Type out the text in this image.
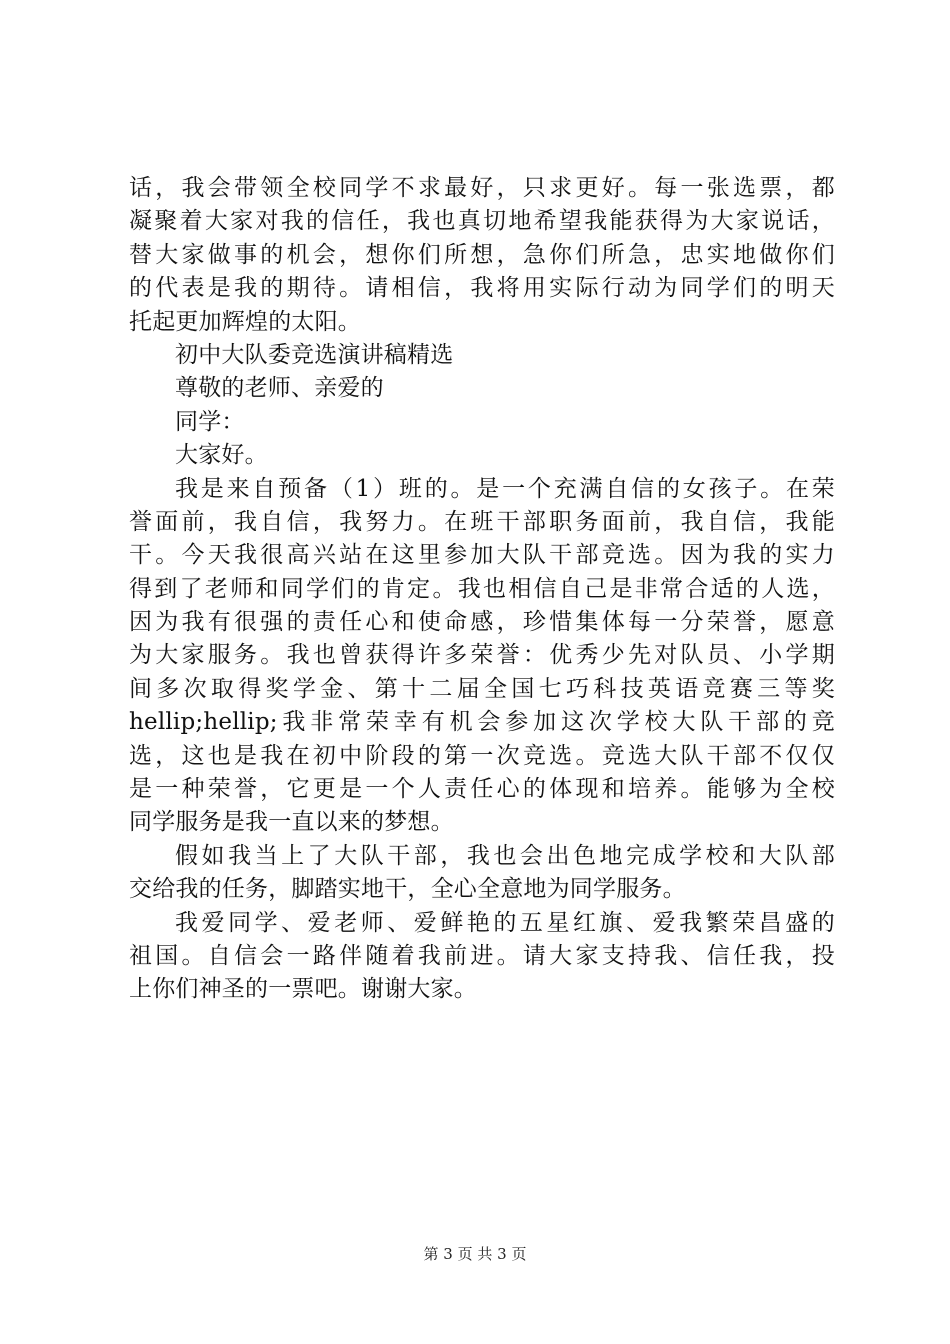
话，我会带领全校同学不求最好，只求更好。每一张选票，都
凝聚着大家对我的信任，我也真切地希望我能获得为大家说话，
替大家做事的机会，想你们所想，急你们所急，忠实地做你们
的代表是我的期待。请相信，我将用实际行动为同学们的明天
托起更加辉煌的太阳。
初中大队委竞选演讲稿精选
尊敬的老师、亲爱的
同学：
大家好。
我是来自预备（1）班的。是一个充满自信的女孩子。在荣
誉面前，我自信，我努力。在班干部职务面前，我自信，我能
干。今天我很高兴站在这里参加大队干部竞选。因为我的实力
得到了老师和同学们的肯定。我也相信自己是非常合适的人选，
因为我有很强的责任心和使命感，珍惜集体每一分荣誉，愿意
为大家服务。我也曾获得许多荣誉：优秀少先对队员、小学期
间多次取得奖学金、第十二届全国七巧科技英语竞赛三等奖
hellip;hellip;我非常荣幸有机会参加这次学校大队干部的竞
选，这也是我在初中阶段的第一次竞选。竞选大队干部不仅仅
是一种荣誉，它更是一个人责任心的体现和培养。能够为全校
同学服务是我一直以来的梦想。
假如我当上了大队干部，我也会出色地完成学校和大队部
交给我的任务，脚踏实地干，全心全意地为同学服务。
我爱同学、爱老师、爱鲜艳的五星红旗、爱我繁荣昌盛的
祖国。自信会一路伴随着我前进。请大家支持我、信任我，投
上你们神圣的一票吧。谢谢大家。
第 3 页 共 3 页
